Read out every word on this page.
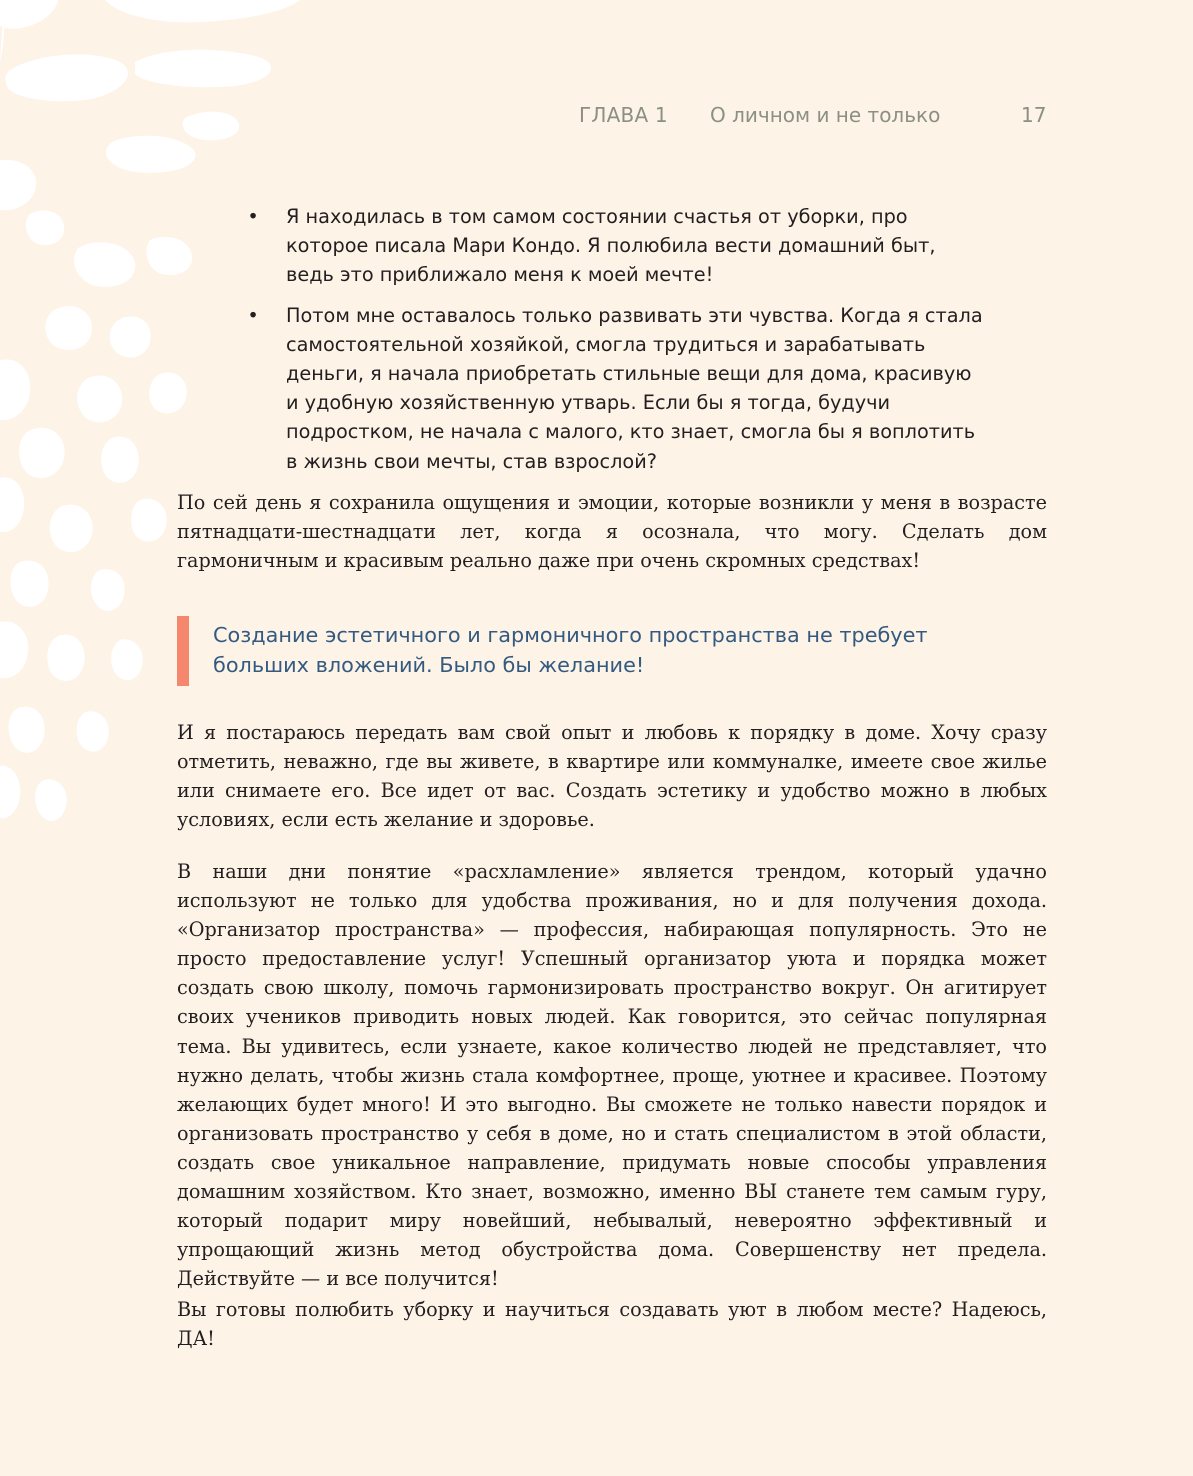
ГЛАВА 1 О личном и не только	17
• Я находилась в том самом состоянии счастья от уборки, про которое писала Мари Кондо. Я полюбила вести домашний быт, ведь это приближало меня к моей мечте!

• Потом мне оставалось только развивать эти чувства. Когда я стала самостоятельной хозяйкой, смогла трудиться и зарабатывать деньги, я начала приобретать стильные вещи для дома, красивую и удобную хозяйственную утварь. Если бы я тогда, будучи подростком, не начала с малого, кто знает, смогла бы я воплотить в жизнь свои мечты, став взрослой?

По сей день я сохранила ощущения и эмоции, которые возникли у меня в возрасте пятнадцати-шестнадцати лет, когда я осознала, что могу. Сделать дом гармоничным и красивым реально даже при очень скромных средствах!

Создание эстетичного и гармоничного пространства не требует больших вложений. Было бы желание!

И я постараюсь передать вам свой опыт и любовь к порядку в доме. Хочу сразу отметить, неважно, где вы живете, в квартире или коммуналке, имеете свое жилье или снимаете его. Все идет от вас. Создать эстетику и удобство можно в любых условиях, если есть желание и здоровье.

В наши дни понятие «расхламление» является трендом, который удачно используют не только для удобства проживания, но и для получения дохода. «Организатор пространства» — профессия, набирающая популярность. Это не просто предоставление услуг! Успешный организатор уюта и порядка может создать свою школу, помочь гармонизировать пространство вокруг. Он агитирует своих учеников приводить новых людей. Как говорится, это сейчас популярная тема. Вы удивитесь, если узнаете, какое количество людей не представляет, что нужно делать, чтобы жизнь стала комфортнее, проще, уютнее и красивее. Поэтому желающих будет много! И это выгодно. Вы сможете не только навести порядок и организовать пространство у себя в доме, но и стать специалистом в этой области, создать свое уникальное направление, придумать новые способы управления домашним хозяйством. Кто знает, возможно, именно ВЫ станете тем самым гуру, который подарит миру новейший, небывалый, невероятно эффективный и упрощающий жизнь метод обустройства дома. Совершенству нет предела. Действуйте — и все получится!

Вы готовы полюбить уборку и научиться создавать уют в любом месте? Надеюсь, ДА!
